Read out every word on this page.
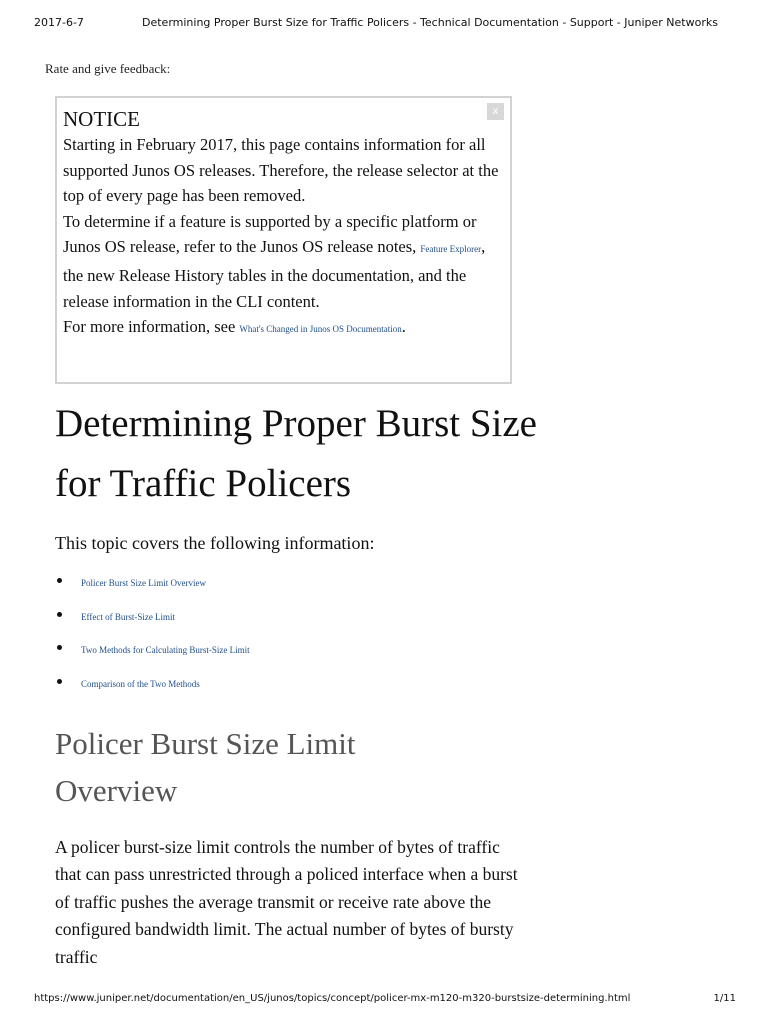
2017-6-7	Determining Proper Burst Size for Traffic Policers - Technical Documentation - Support - Juniper Networks
Rate and give feedback:
x
NOTICE

Starting in February 2017, this page contains information for all supported Junos OS releases. Therefore, the release selector at the top of every page has been removed.

To determine if a feature is supported by a specific platform or Junos OS release, refer to the Junos OS release notes, Feature Explorer, the new Release History tables in the documentation, and the release information in the CLI content.

For more information, see What's Changed in Junos OS Documentation.

Determining Proper Burst Size for Traffic Policers

This topic covers the following information:

Policer Burst Size Limit Overview
Effect of Burst-Size Limit
Two Methods for Calculating Burst-Size Limit
Comparison of the Two Methods
Policer Burst Size Limit Overview

A policer burst-size limit controls the number of bytes of traffic that can pass unrestricted through a policed interface when a burst of traffic pushes the average transmit or receive rate above the configured bandwidth limit. The actual number of bytes of bursty traffic

https://www.juniper.net/documentation/en_US/junos/topics/concept/policer-mx-m120-m320-burstsize-determining.html	1/11
